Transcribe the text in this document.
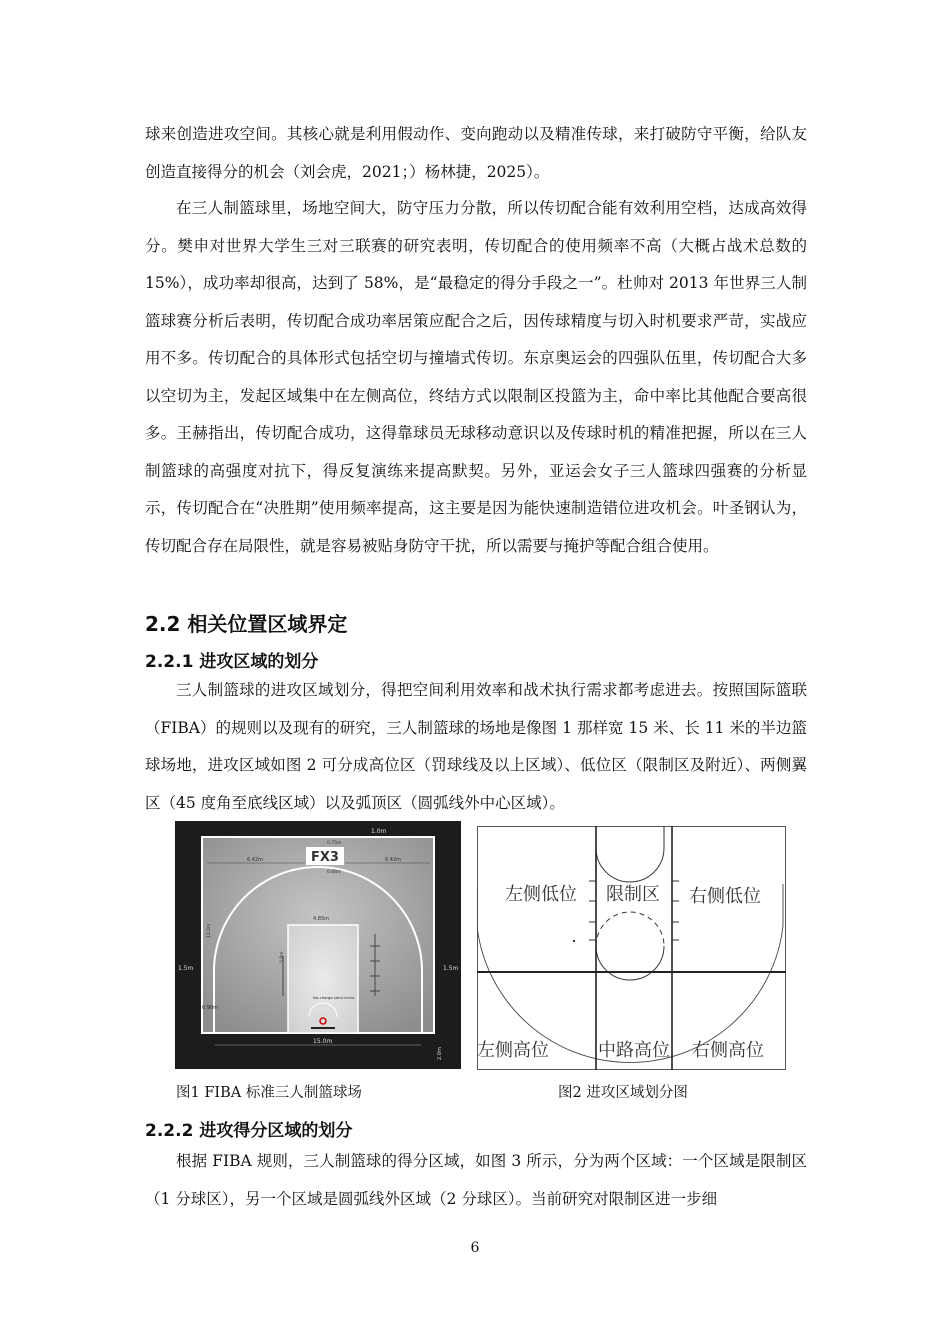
球来创造进攻空间。其核心就是利用假动作、变向跑动以及精准传球，来打破防守平衡，给队友创造直接得分的机会（刘会虎，2021；）杨林捷，2025）。

在三人制篮球里，场地空间大，防守压力分散，所以传切配合能有效利用空档，达成高效得分。樊申对世界大学生三对三联赛的研究表明，传切配合的使用频率不高（大概占战术总数的 15%），成功率却很高，达到了 58%，是“最稳定的得分手段之一”。杜帅对 2013 年世界三人制篮球赛分析后表明，传切配合成功率居策应配合之后，因传球精度与切入时机要求严苛，实战应用不多。传切配合的具体形式包括空切与撞墙式传切。东京奥运会的四强队伍里，传切配合大多以空切为主，发起区域集中在左侧高位，终结方式以限制区投篮为主，命中率比其他配合要高很多。王赫指出，传切配合成功，这得靠球员无球移动意识以及传球时机的精准把握，所以在三人制篮球的高强度对抗下，得反复演练来提高默契。另外，亚运会女子三人篮球四强赛的分析显示，传切配合在“决胜期”使用频率提高，这主要是因为能快速制造错位进攻机会。叶圣钢认为，传切配合存在局限性，就是容易被贴身防守干扰，所以需要与掩护等配合组合使用。

2.2 相关位置区域界定
2.2.1 进攻区域的划分

三人制篮球的进攻区域划分，得把空间利用效率和战术执行需求都考虑进去。按照国际篮联（FIBA）的规则以及现有的研究，三人制篮球的场地是像图 1 那样宽 15 米、长 11 米的半边篮球场地，进攻区域如图 2 可分成高位区（罚球线及以上区域）、低位区（限制区及附近）、两侧翼区（45 度角至底线区域）以及弧顶区（圆弧线外中心区域）。

FX3
1.0m
1.5m	1.5m
15.0m
2.0m
6.42m	6.42m
0.75m
0.88m
4.85m
11.0m
5.8m
0.90m
No-charge semi-circle
左侧低位 限制区 右侧低位
左侧高位	中路高位 右侧高位

图1 FIBA 标准三人制篮球场	图2 进攻区域划分图

2.2.2 进攻得分区域的划分

根据 FIBA 规则，三人制篮球的得分区域，如图 3 所示，分为两个区域：一个区域是限制区（1 分球区），另一个区域是圆弧线外区域（2 分球区）。当前研究对限制区进一步细

6
